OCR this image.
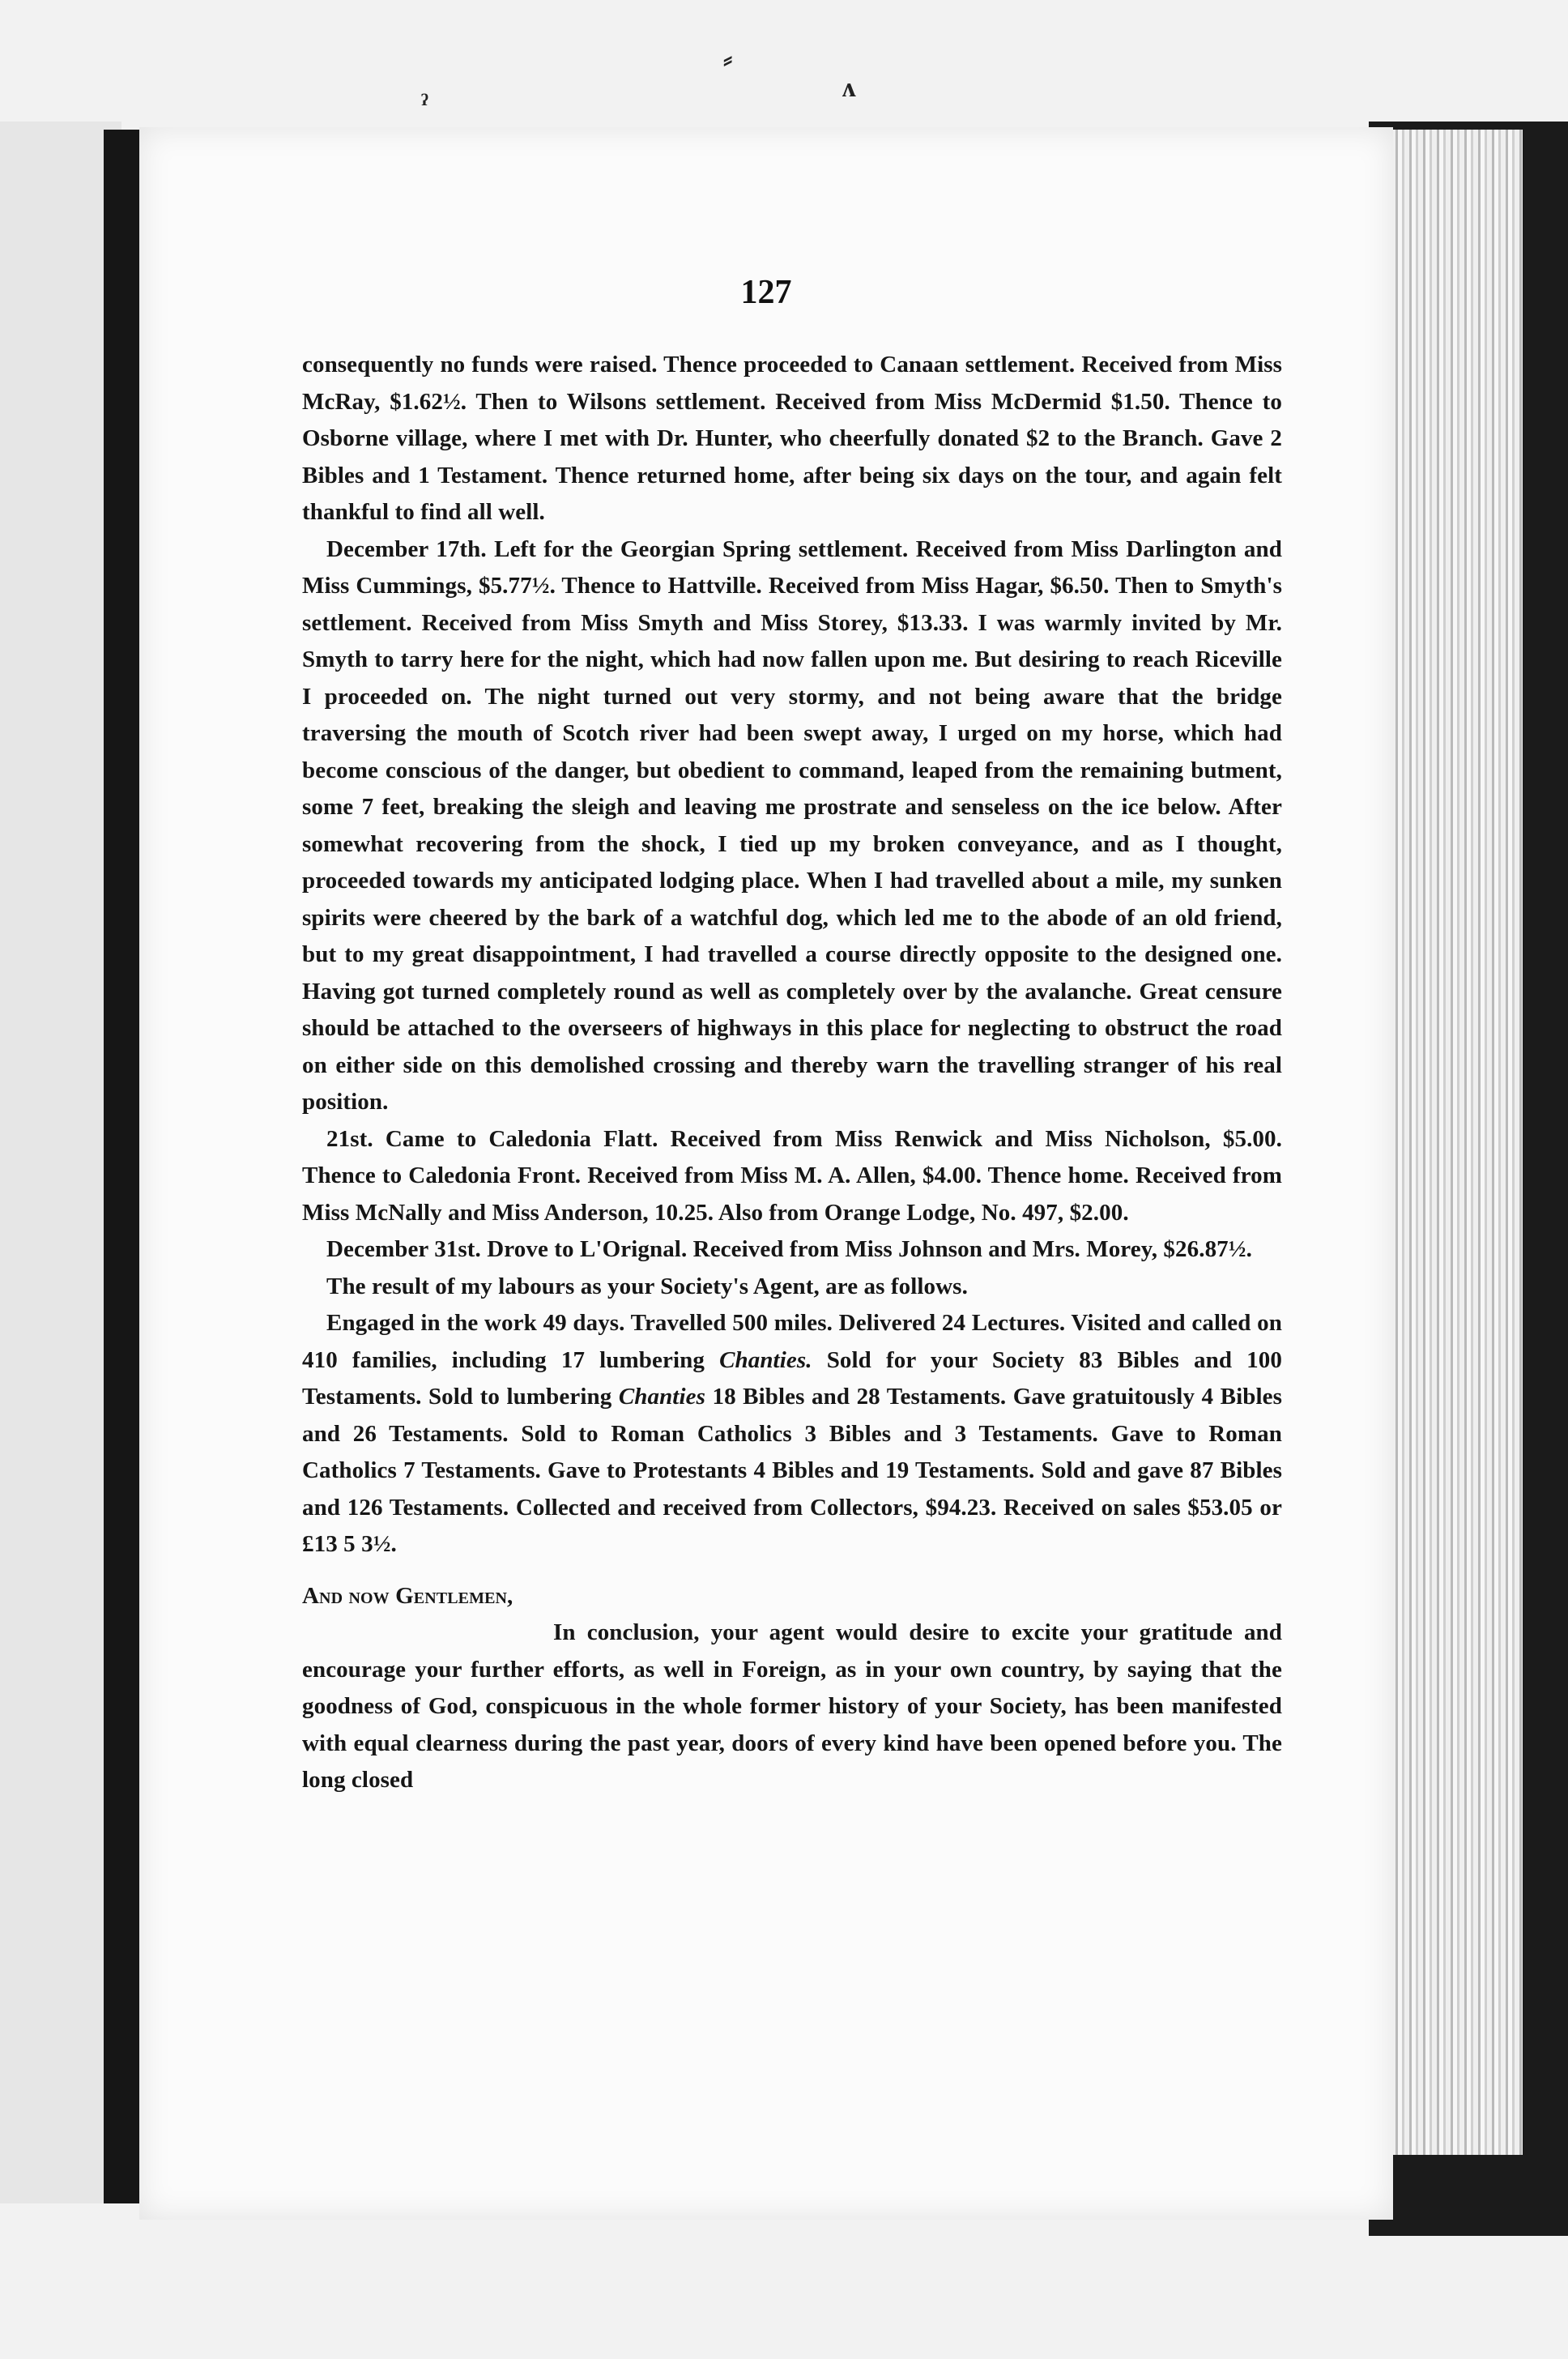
⸗
ᴧ
ˀ
127

consequently no funds were raised. Thence proceeded to Canaan settlement. Received from Miss McRay, $1.62½. Then to Wilsons settlement. Received from Miss McDermid $1.50. Thence to Osborne village, where I met with Dr. Hunter, who cheerfully donated $2 to the Branch. Gave 2 Bibles and 1 Testament. Thence returned home, after being six days on the tour, and again felt thankful to find all well.

December 17th. Left for the Georgian Spring settlement. Received from Miss Darlington and Miss Cummings, $5.77½. Thence to Hattville. Received from Miss Hagar, $6.50. Then to Smyth's settlement. Received from Miss Smyth and Miss Storey, $13.33. I was warmly invited by Mr. Smyth to tarry here for the night, which had now fallen upon me. But desiring to reach Riceville I proceeded on. The night turned out very stormy, and not being aware that the bridge traversing the mouth of Scotch river had been swept away, I urged on my horse, which had become conscious of the danger, but obedient to command, leaped from the remaining butment, some 7 feet, breaking the sleigh and leaving me prostrate and senseless on the ice below. After somewhat recovering from the shock, I tied up my broken conveyance, and as I thought, proceeded towards my anticipated lodging place. When I had travelled about a mile, my sunken spirits were cheered by the bark of a watchful dog, which led me to the abode of an old friend, but to my great disappointment, I had travelled a course directly opposite to the designed one. Having got turned completely round as well as completely over by the avalanche. Great censure should be attached to the overseers of highways in this place for neglecting to obstruct the road on either side on this demolished crossing and thereby warn the travelling stranger of his real position.

21st. Came to Caledonia Flatt. Received from Miss Renwick and Miss Nicholson, $5.00. Thence to Caledonia Front. Received from Miss M. A. Allen, $4.00. Thence home. Received from Miss McNally and Miss Anderson, 10.25. Also from Orange Lodge, No. 497, $2.00.

December 31st. Drove to L'Orignal. Received from Miss Johnson and Mrs. Morey, $26.87½.

The result of my labours as your Society's Agent, are as follows.

Engaged in the work 49 days. Travelled 500 miles. Delivered 24 Lectures. Visited and called on 410 families, including 17 lumbering Chanties. Sold for your Society 83 Bibles and 100 Testaments. Sold to lumbering Chanties 18 Bibles and 28 Testaments. Gave gratuitously 4 Bibles and 26 Testaments. Sold to Roman Catholics 3 Bibles and 3 Testaments. Gave to Roman Catholics 7 Testaments. Gave to Protestants 4 Bibles and 19 Testaments. Sold and gave 87 Bibles and 126 Testaments. Collected and received from Collectors, $94.23. Received on sales $53.05 or £13 5 3½.

And now Gentlemen,

In conclusion, your agent would desire to excite your gratitude and encourage your further efforts, as well in Foreign, as in your own country, by saying that the goodness of God, conspicuous in the whole former history of your Society, has been manifested with equal clearness during the past year, doors of every kind have been opened before you. The long closed
